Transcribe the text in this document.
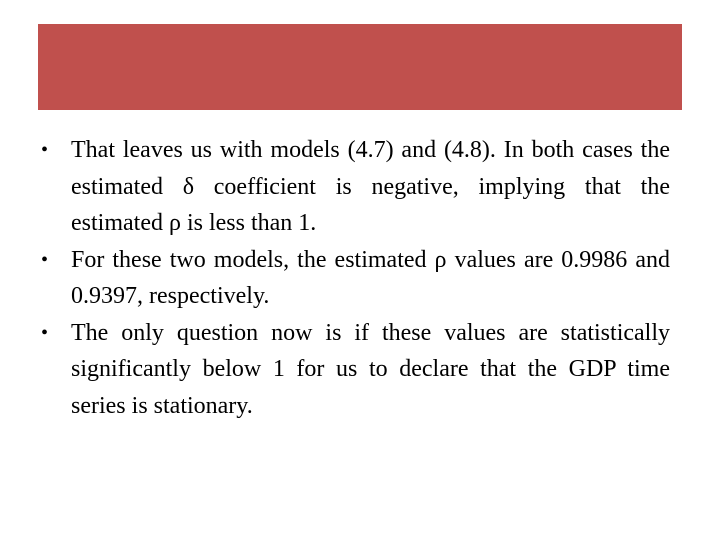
• That leaves us with models (4.7) and (4.8). In both cases the estimated δ coefficient is negative, implying that the estimated ρ is less than 1.
• For these two models, the estimated ρ values are 0.9986 and 0.9397, respectively.
• The only question now is if these values are statistically significantly below 1 for us to declare that the GDP time series is stationary.
